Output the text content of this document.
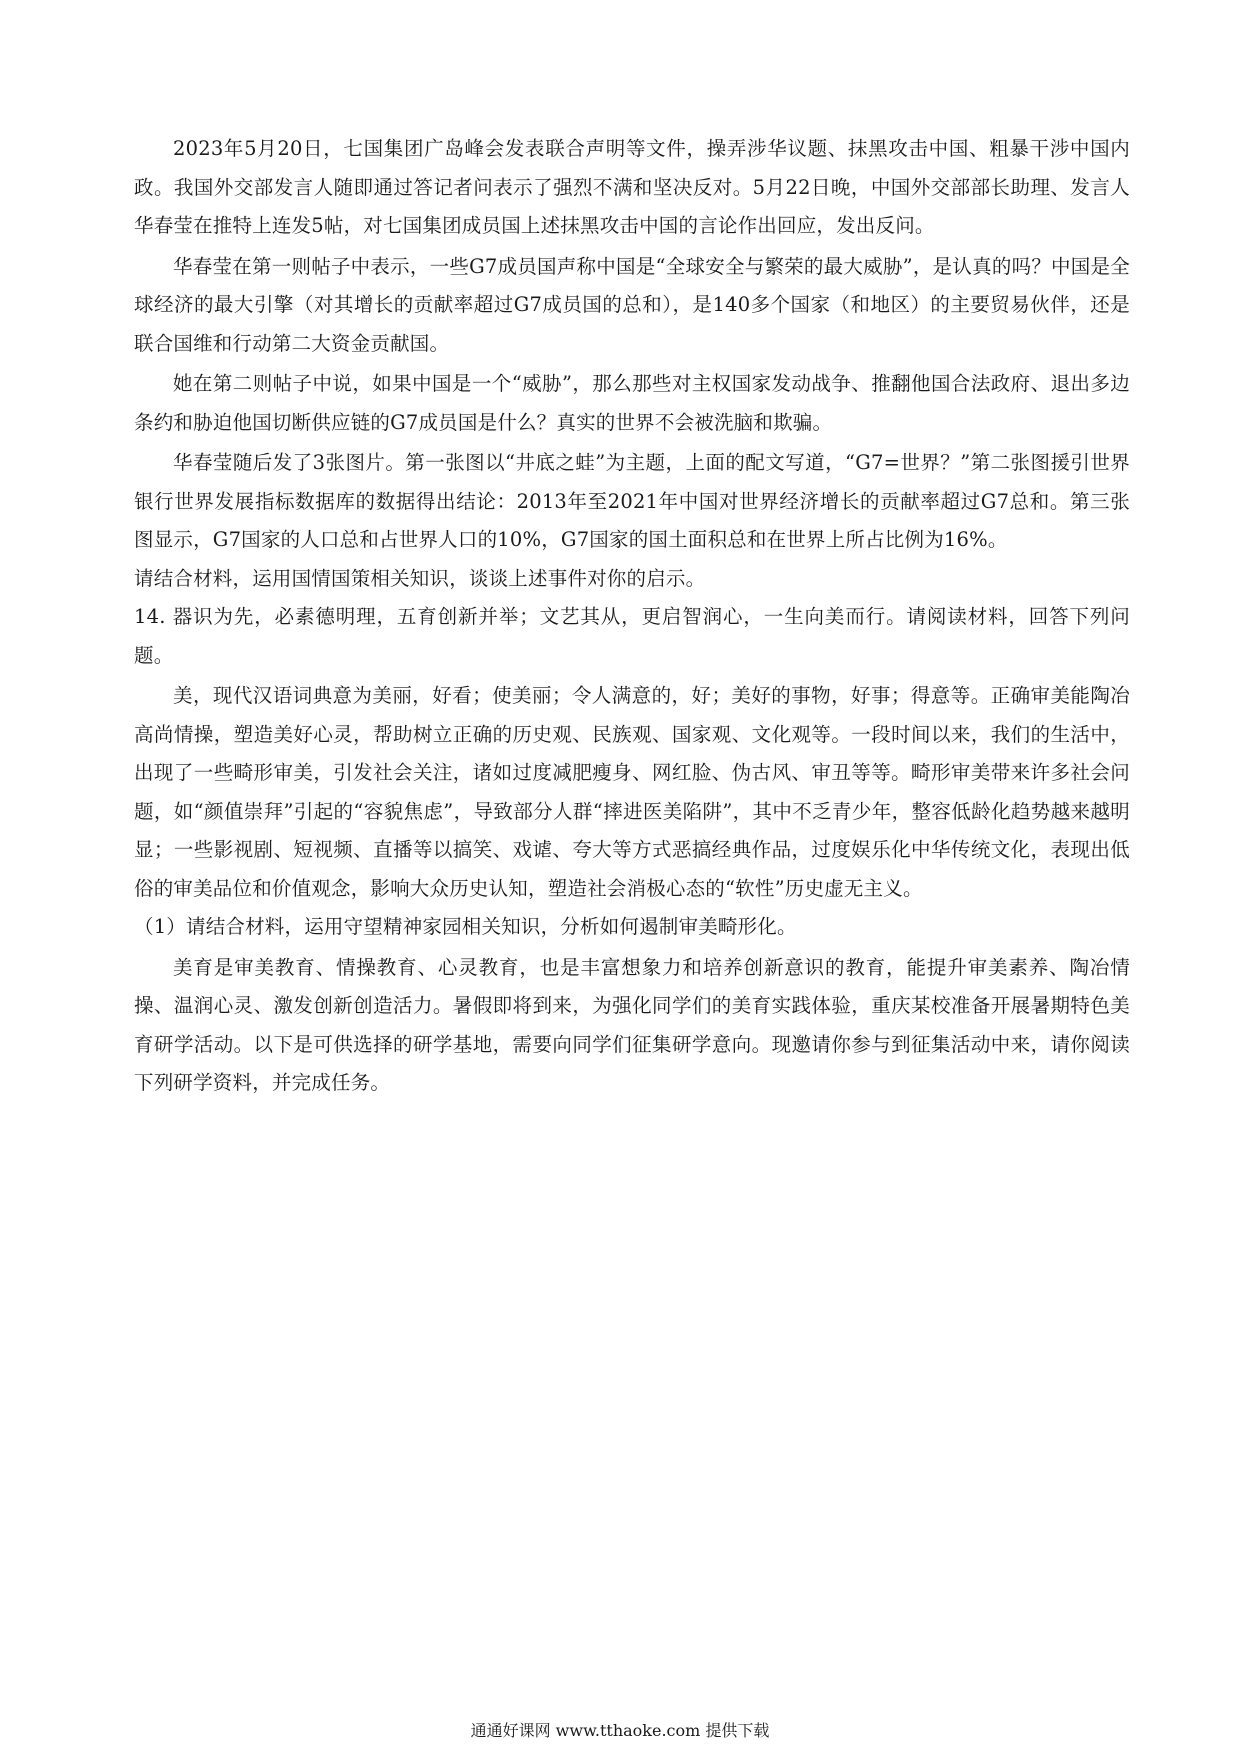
2023年5月20日，七国集团广岛峰会发表联合声明等文件，操弄涉华议题、抹黑攻击中国、粗暴干涉中国内政。我国外交部发言人随即通过答记者问表示了强烈不满和坚决反对。5月22日晚，中国外交部部长助理、发言人华春莹在推特上连发5帖，对七国集团成员国上述抹黑攻击中国的言论作出回应，发出反问。

华春莹在第一则帖子中表示，一些G7成员国声称中国是“全球安全与繁荣的最大威胁”，是认真的吗？中国是全球经济的最大引擎（对其增长的贡献率超过G7成员国的总和），是140多个国家（和地区）的主要贸易伙伴，还是联合国维和行动第二大资金贡献国。

她在第二则帖子中说，如果中国是一个“威胁”，那么那些对主权国家发动战争、推翻他国合法政府、退出多边条约和胁迫他国切断供应链的G7成员国是什么？真实的世界不会被洗脑和欺骗。

华春莹随后发了3张图片。第一张图以“井底之蛙”为主题，上面的配文写道，“G7=世界？”第二张图援引世界银行世界发展指标数据库的数据得出结论：2013年至2021年中国对世界经济增长的贡献率超过G7总和。第三张图显示，G7国家的人口总和占世界人口的10%，G7国家的国土面积总和在世界上所占比例为16%。

请结合材料，运用国情国策相关知识，谈谈上述事件对你的启示。

14. 器识为先，必素德明理，五育创新并举；文艺其从，更启智润心，一生向美而行。请阅读材料，回答下列问题。

美，现代汉语词典意为美丽，好看；使美丽；令人满意的，好；美好的事物，好事；得意等。正确审美能陶冶高尚情操，塑造美好心灵，帮助树立正确的历史观、民族观、国家观、文化观等。一段时间以来，我们的生活中，出现了一些畸形审美，引发社会关注，诸如过度减肥瘦身、网红脸、伪古风、审丑等等。畸形审美带来许多社会问题，如“颜值崇拜”引起的“容貌焦虑”，导致部分人群“摔进医美陷阱”，其中不乏青少年，整容低龄化趋势越来越明显；一些影视剧、短视频、直播等以搞笑、戏谑、夸大等方式恶搞经典作品，过度娱乐化中华传统文化，表现出低俗的审美品位和价值观念，影响大众历史认知，塑造社会消极心态的“软性”历史虚无主义。

（1）请结合材料，运用守望精神家园相关知识，分析如何遏制审美畸形化。

美育是审美教育、情操教育、心灵教育，也是丰富想象力和培养创新意识的教育，能提升审美素养、陶冶情操、温润心灵、激发创新创造活力。暑假即将到来，为强化同学们的美育实践体验，重庆某校准备开展暑期特色美育研学活动。以下是可供选择的研学基地，需要向同学们征集研学意向。现邀请你参与到征集活动中来，请你阅读下列研学资料，并完成任务。

通通好课网 www.tthaoke.com 提供下载
